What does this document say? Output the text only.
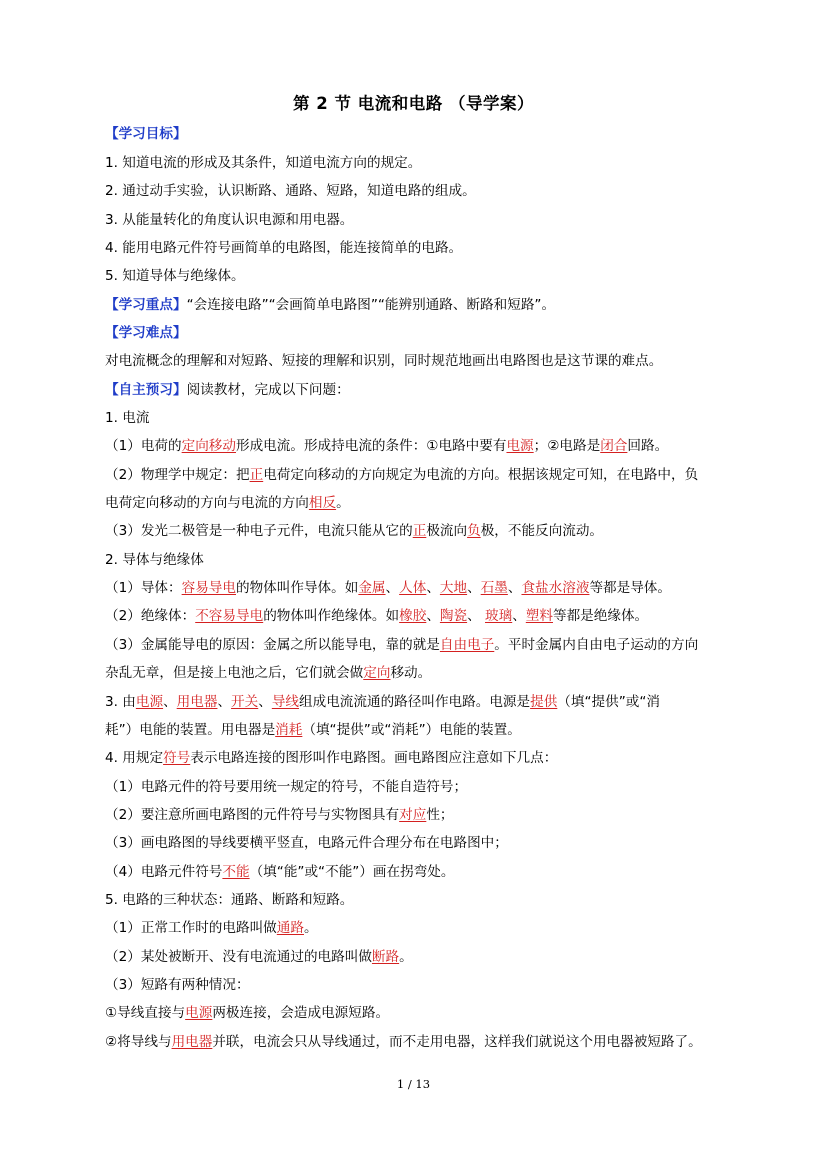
第 2 节 电流和电路 （导学案）
【学习目标】
1. 知道电流的形成及其条件，知道电流方向的规定。
2. 通过动手实验，认识断路、通路、短路，知道电路的组成。
3. 从能量转化的角度认识电源和用电器。
4. 能用电路元件符号画简单的电路图，能连接简单的电路。
5. 知道导体与绝缘体。
【学习重点】“会连接电路”“会画简单电路图”“能辨别通路、断路和短路”。
【学习难点】
对电流概念的理解和对短路、短接的理解和识别，同时规范地画出电路图也是这节课的难点。
【自主预习】阅读教材，完成以下问题：
1. 电流
（1）电荷的定向移动形成电流。形成持电流的条件：①电路中要有电源；②电路是闭合回路。
（2）物理学中规定：把正电荷定向移动的方向规定为电流的方向。根据该规定可知，在电路中，负
电荷定向移动的方向与电流的方向相反。
（3）发光二极管是一种电子元件，电流只能从它的正极流向负极，不能反向流动。
2. 导体与绝缘体
（1）导体：容易导电的物体叫作导体。如金属、人体、大地、石墨、食盐水溶液等都是导体。
（2）绝缘体：不容易导电的物体叫作绝缘体。如橡胶、陶瓷、 玻璃、塑料等都是绝缘体。
（3）金属能导电的原因：金属之所以能导电，靠的就是自由电子。平时金属内自由电子运动的方向
杂乱无章，但是接上电池之后，它们就会做定向移动。
3. 由电源、用电器、开关、导线组成电流流通的路径叫作电路。电源是提供（填“提供”或“消
耗”）电能的装置。用电器是消耗（填“提供”或“消耗”）电能的装置。
4. 用规定符号表示电路连接的图形叫作电路图。画电路图应注意如下几点：
（1）电路元件的符号要用统一规定的符号，不能自造符号；
（2）要注意所画电路图的元件符号与实物图具有对应性；
（3）画电路图的导线要横平竖直，电路元件合理分布在电路图中；
（4）电路元件符号不能（填“能”或“不能”）画在拐弯处。
5. 电路的三种状态：通路、断路和短路。
（1）正常工作时的电路叫做通路。
（2）某处被断开、没有电流通过的电路叫做断路。
（3）短路有两种情况：
①导线直接与电源两极连接，会造成电源短路。
②将导线与用电器并联，电流会只从导线通过，而不走用电器，这样我们就说这个用电器被短路了。
1 / 13
